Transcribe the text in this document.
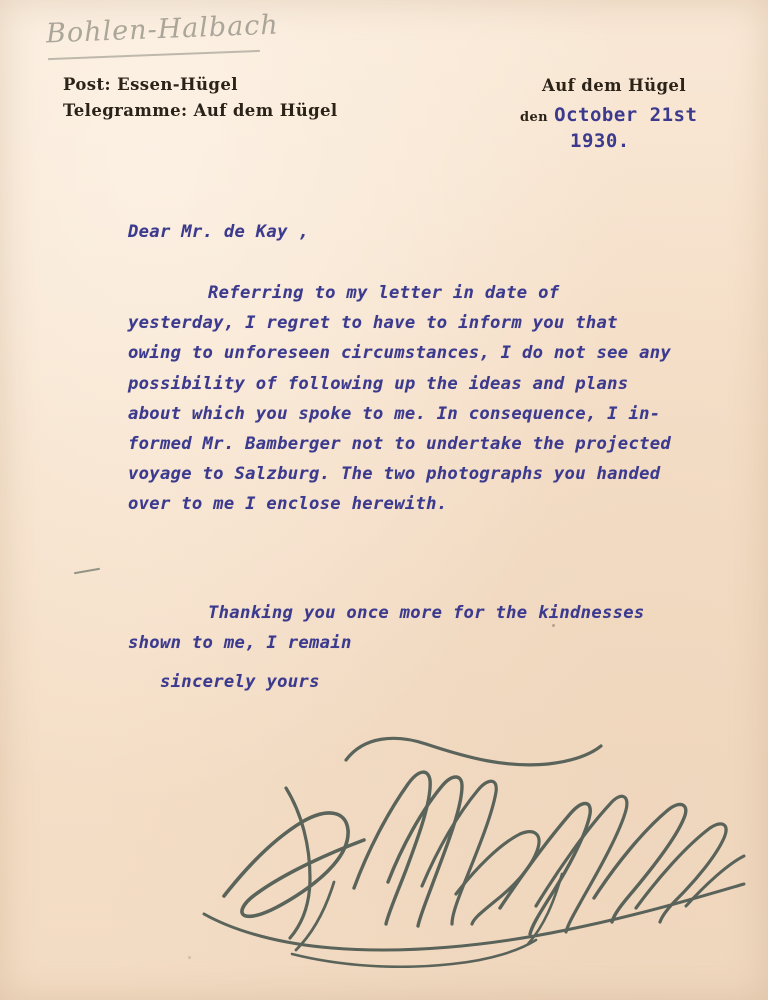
Bohlen-Halbach
Post: Essen-Hügel
Telegramme: Auf dem Hügel
Auf dem Hügel
den October 21st
1930.
Dear Mr. de Kay ,
Referring to my letter in date of
yesterday, I regret to have to inform you that
owing to unforeseen circumstances, I do not see any
possibility of following up the ideas and plans
about which you spoke to me. In consequence, I in-
formed Mr. Bamberger not to undertake the projected
voyage to Salzburg. The two photographs you handed
over to me I enclose herewith.
Thanking you once more for the kindnesses
shown to me, I remain
sincerely yours
